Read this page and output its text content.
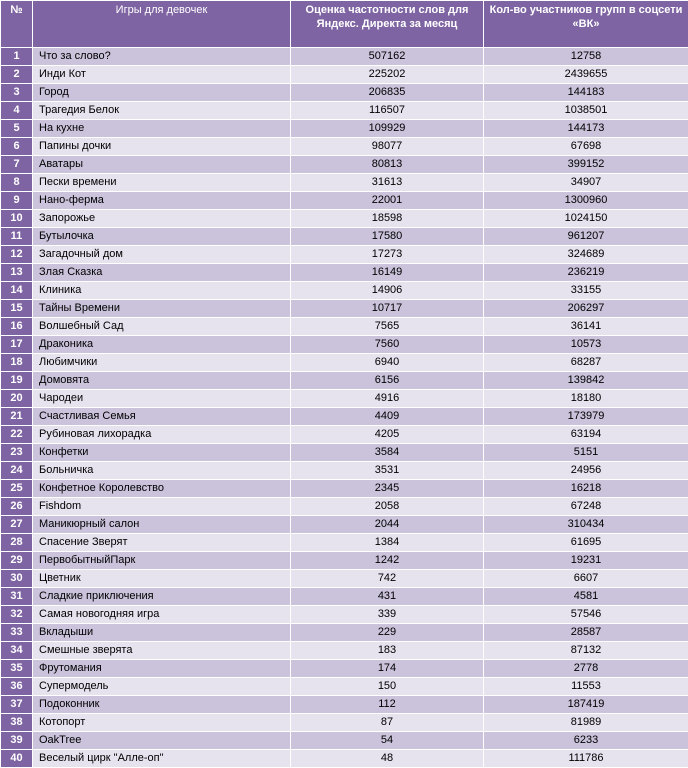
№	Игры для девочек	Оценка частотности слов для Яндекс. Директа за месяц	Кол-во участников групп в соцсети «ВК»
1	Что за слово?	507162	12758
2	Инди Кот	225202	2439655
3	Город	206835	144183
4	Трагедия Белок	116507	1038501
5	На кухне	109929	144173
6	Папины дочки	98077	67698
7	Аватары	80813	399152
8	Пески времени	31613	34907
9	Нано-ферма	22001	1300960
10	Запорожье	18598	1024150
11	Бутылочка	17580	961207
12	Загадочный дом	17273	324689
13	Злая Сказка	16149	236219
14	Клиника	14906	33155
15	Тайны Времени	10717	206297
16	Волшебный Сад	7565	36141
17	Драконика	7560	10573
18	Любимчики	6940	68287
19	Домовята	6156	139842
20	Чародеи	4916	18180
21	Счастливая Семья	4409	173979
22	Рубиновая лихорадка	4205	63194
23	Конфетки	3584	5151
24	Больничка	3531	24956
25	Конфетное Королевство	2345	16218
26	Fishdom	2058	67248
27	Маникюрный салон	2044	310434
28	Спасение Зверят	1384	61695
29	ПервобытныйПарк	1242	19231
30	Цветник	742	6607
31	Сладкие приключения	431	4581
32	Самая новогодняя игра	339	57546
33	Вкладыши	229	28587
34	Смешные зверята	183	87132
35	Фрутомания	174	2778
36	Супермодель	150	11553
37	Подоконник	112	187419
38	Котопорт	87	81989
39	OakTree	54	6233
40	Веселый цирк "Алле-оп"	48	111786
